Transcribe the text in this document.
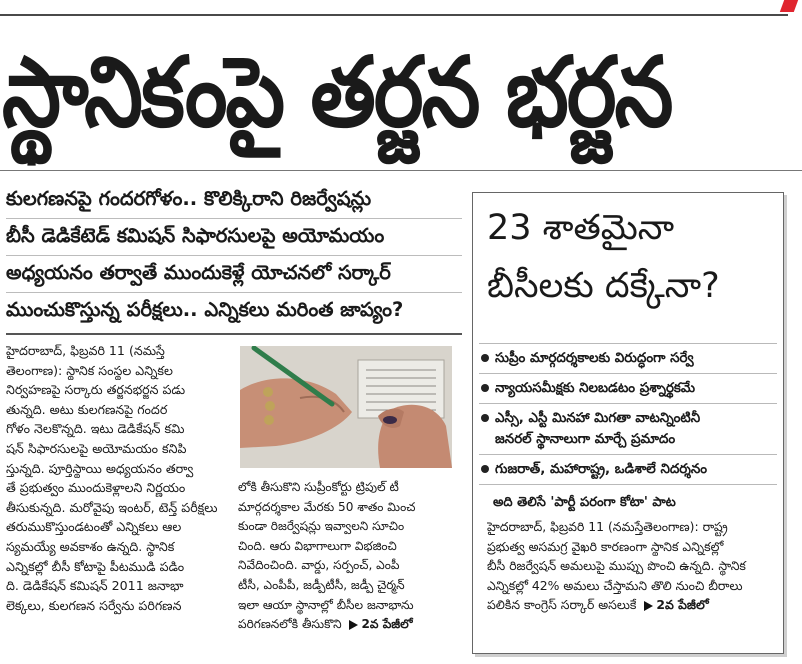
స్థానికంపై తర్జన భర్జన
కులగణనపై గందరగోళం.. కొలిక్కిరాని రిజర్వేషన్లు
బీసీ డెడికేటెడ్ కమిషన్ సిఫారసులపై అయోమయం
అధ్యయనం తర్వాతే ముందుకెళ్లే యోచనలో సర్కార్
ముంచుకొస్తున్న పరీక్షలు.. ఎన్నికలు మరింత జాప్యం?
హైదరాబాద్, ఫిబ్రవరి 11 (నమస్తే
తెలంగాణ): స్థానిక సంస్థల ఎన్నికల
నిర్వహణపై సర్కారు తర్జనభర్జన పడు
తున్నది. అటు కులగణనపై గందర
గోళం నెలకొన్నది. ఇటు డెడికేషన్ కమి
షన్ సిఫారసులపై అయోమయం కనిపి
స్తున్నది. పూర్తిస్థాయి అధ్యయనం తర్వా
తే ప్రభుత్వం ముందుకెళ్లాలని నిర్ణయం
తీసుకున్నది. మరోవైపు ఇంటర్, టెన్త్ పరీక్షలు
తరుముకొస్తుండటంతో ఎన్నికలు ఆల
స్యమయ్యే అవకాశం ఉన్నది. స్థానిక
ఎన్నికల్లో బీసీ కోటాపై పీటముడి పడిం
ది. డెడికేషన్ కమిషన్ 2011 జనాభా
లెక్కలు, కులగణన సర్వేను పరిగణన
లోకి తీసుకొని సుప్రీంకోర్టు ట్రిపుల్ టీ
మార్గదర్శకాల మేరకు 50 శాతం మించ
కుండా రిజర్వేషన్లు ఇవ్వాలని సూచిం
చింది. ఆరు విభాగాలుగా విభజించి
నివేదించింది. వార్డు, సర్పంచ్, ఎంపీ
టీసీ, ఎంపీపీ, జడ్పీటీసీ, జడ్పీ చైర్మన్
ఇలా ఆయా స్థానాల్లో బీసీల జనాభాను
పరిగణనలోకి తీసుకొని 2వ పేజీలో
23 శాతమైనా
బీసీలకు దక్కేనా?
సుప్రీం మార్గదర్శకాలకు విరుద్ధంగా సర్వే
న్యాయసమీక్షకు నిలబడటం ప్రశ్నార్థకమే
ఎస్సీ, ఎస్టీ మినహా మిగతా వాటన్నింటినీ
జనరల్ స్థానాలుగా మార్చే ప్రమాదం
గుజరాత్, మహారాష్ట్ర, ఒడిశాలే నిదర్శనం
అది తెలిసే 'పార్టీ పరంగా కోటా' పాట
హైదరాబాద్, ఫిబ్రవరి 11 (నమస్తేతెలంగాణ): రాష్ట్ర
ప్రభుత్వ అసమగ్ర వైఖరి కారణంగా స్థానిక ఎన్నికల్లో
బీసీ రిజర్వేషన్ అమలుపై ముప్పు పొంచి ఉన్నది. స్థానిక
ఎన్నికల్లో 42% అమలు చేస్తామని తొలి నుంచి బీరాలు
పలికిన కాంగ్రెస్ సర్కార్ అసలుకే 2వ పేజీలో
